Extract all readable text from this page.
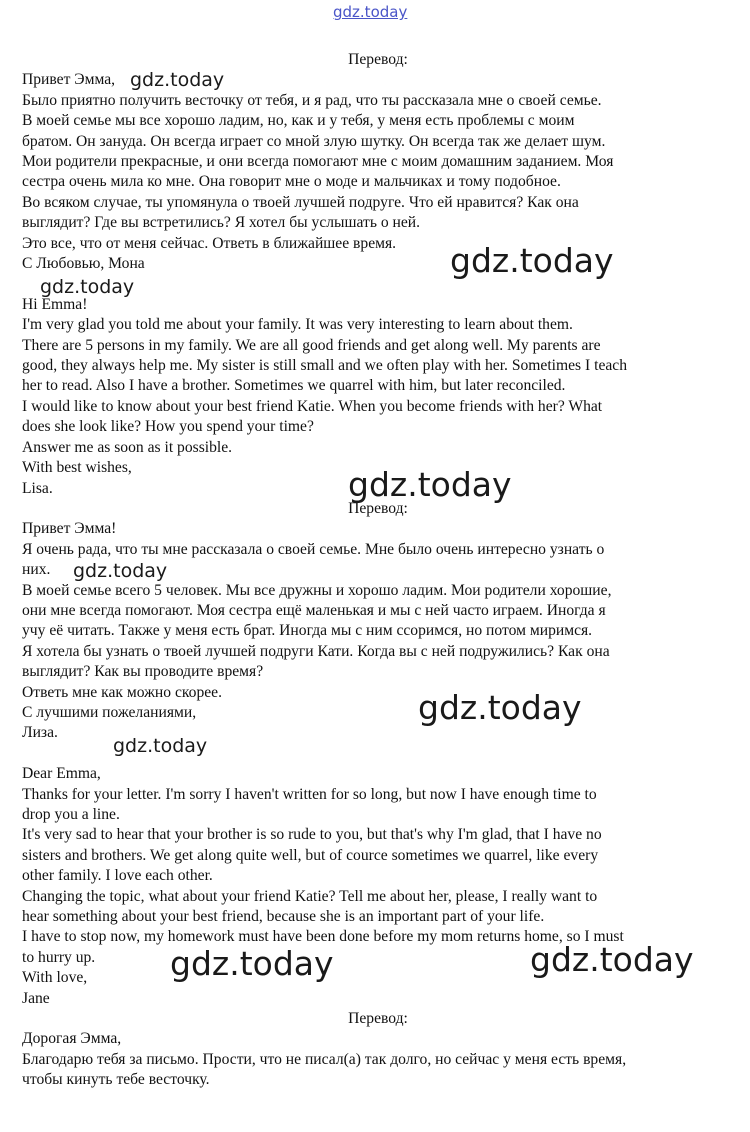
gdz.today
Перевод:
Привет Эмма,
Было приятно получить весточку от тебя, и я рад, что ты рассказала мне о своей семье.
В моей семье мы все хорошо ладим, но, как и у тебя, у меня есть проблемы с моим
братом. Он зануда. Он всегда играет со мной злую шутку. Он всегда так же делает шум.
Мои родители прекрасные, и они всегда помогают мне с моим домашним заданием. Моя
сестра очень мила ко мне. Она говорит мне о моде и мальчиках и тому подобное.
Во всяком случае, ты упомянула о твоей лучшей подруге. Что ей нравится? Как она
выглядит? Где вы встретились? Я хотел бы услышать о ней.
Это все, что от меня сейчас. Ответь в ближайшее время.
С Любовью, Мона
Hi Emma!
I'm very glad you told me about your family. It was very interesting to learn about them.
There are 5 persons in my family. We are all good friends and get along well. My parents are
good, they always help me. My sister is still small and we often play with her. Sometimes I teach
her to read. Also I have a brother. Sometimes we quarrel with him, but later reconciled.
I would like to know about your best friend Katie. When you become friends with her? What
does she look like? How you spend your time?
Answer me as soon as it possible.
With best wishes,
Lisa.
Перевод:
Привет Эмма!
Я очень рада, что ты мне рассказала о своей семье. Мне было очень интересно узнать о
них.
В моей семье всего 5 человек. Мы все дружны и хорошо ладим. Мои родители хорошие,
они мне всегда помогают. Моя сестра ещё маленькая и мы с ней часто играем. Иногда я
учу её читать. Также у меня есть брат. Иногда мы с ним ссоримся, но потом миримся.
Я хотела бы узнать о твоей лучшей подруги Кати. Когда вы с ней подружились? Как она
выглядит? Как вы проводите время?
Ответь мне как можно скорее.
С лучшими пожеланиями,
Лиза.
Dear Emma,
Thanks for your letter. I'm sorry I haven't written for so long, but now I have enough time to
drop you a line.
It's very sad to hear that your brother is so rude to you, but that's why I'm glad, that I have no
sisters and brothers. We get along quite well, but of cource sometimes we quarrel, like every
other family. I love each other.
Changing the topic, what about your friend Katie? Tell me about her, please, I really want to
hear something about your best friend, because she is an important part of your life.
I have to stop now, my homework must have been done before my mom returns home, so I must
to hurry up.
With love,
Jane
Перевод:
Дорогая Эмма,
Благодарю тебя за письмо. Прости, что не писал(а) так долго, но сейчас у меня есть время,
чтобы кинуть тебе весточку.
gdz.today
gdz.today
gdz.today
gdz.today
gdz.today
gdz.today
gdz.today
gdz.today	gdz.today
